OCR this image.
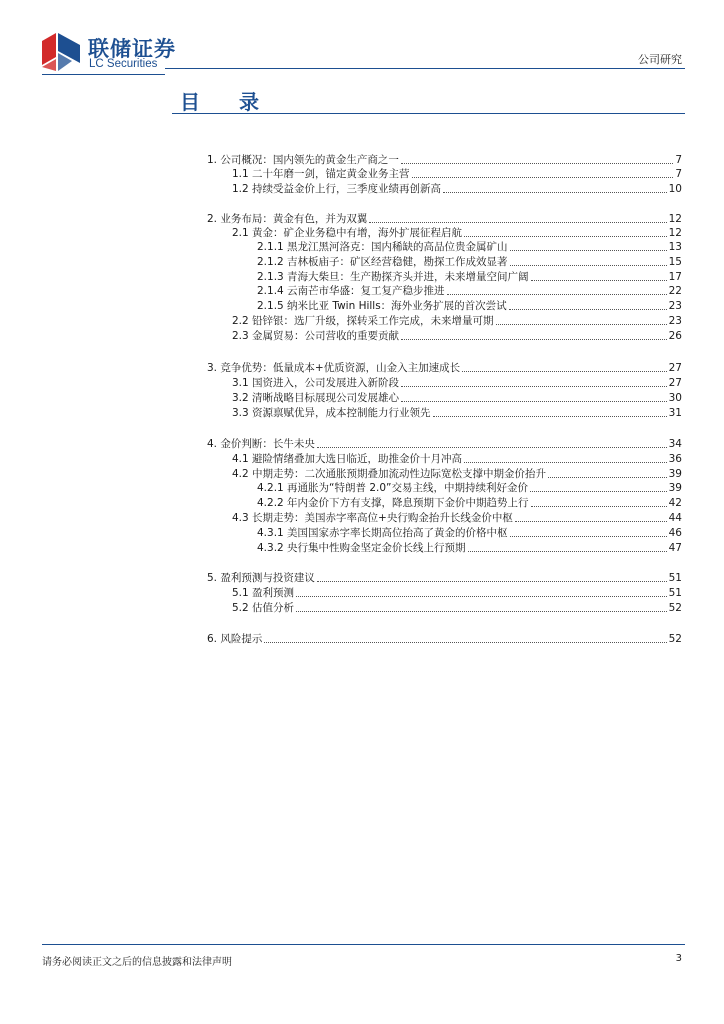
联储证券
LC Securities	公司研究
目 录
1. 公司概况：国内领先的黄金生产商之一	7
1.1 二十年磨一剑，锚定黄金业务主营	7
1.2 持续受益金价上行，三季度业绩再创新高	10
2. 业务布局：黄金有色，并为双翼	12
2.1 黄金：矿企业务稳中有增，海外扩展征程启航	12
2.1.1 黑龙江黑河洛克：国内稀缺的高品位贵金属矿山	13
2.1.2 吉林板庙子：矿区经营稳健，勘探工作成效显著	15
2.1.3 青海大柴旦：生产勘探齐头并进，未来增量空间广阔	17
2.1.4 云南芒市华盛：复工复产稳步推进	22
2.1.5 纳米比亚 Twin Hills：海外业务扩展的首次尝试	23
2.2 铅锌银：选厂升级，探转采工作完成，未来增量可期	23
2.3 金属贸易：公司营收的重要贡献	26
3. 竞争优势：低量成本+优质资源，山金入主加速成长	27
3.1 国资进入，公司发展进入新阶段	27
3.2 清晰战略目标展现公司发展雄心	30
3.3 资源禀赋优异，成本控制能力行业领先	31
4. 金价判断：长牛未央	34
4.1 避险情绪叠加大选日临近，助推金价十月冲高	36
4.2 中期走势：二次通胀预期叠加流动性边际宽松支撑中期金价抬升	39
4.2.1 再通胀为“特朗普 2.0”交易主线，中期持续利好金价	39
4.2.2 年内金价下方有支撑，降息预期下金价中期趋势上行	42
4.3 长期走势：美国赤字率高位+央行购金抬升长线金价中枢	44
4.3.1 美国国家赤字率长期高位抬高了黄金的价格中枢	46
4.3.2 央行集中性购金坚定金价长线上行预期	47
5. 盈利预测与投资建议	51
5.1 盈利预测	51
5.2 估值分析	52
6. 风险提示	52
请务必阅读正文之后的信息披露和法律声明	3
